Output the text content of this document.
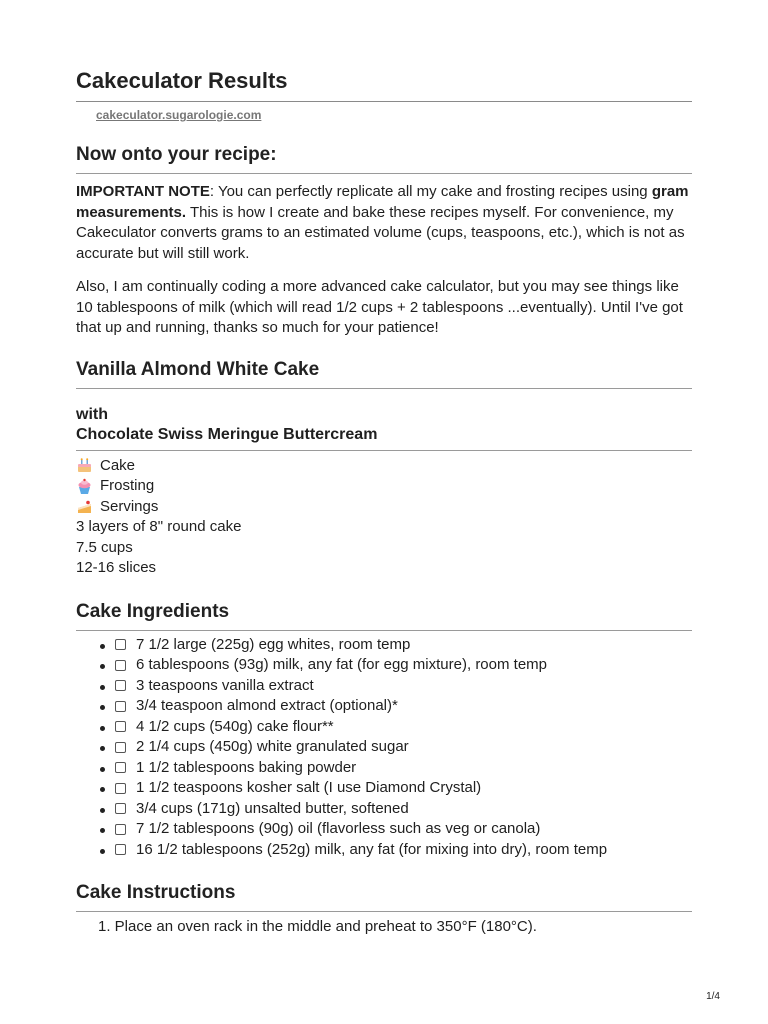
Cakeculator Results
cakeculator.sugarologie.com
Now onto your recipe:

IMPORTANT NOTE: You can perfectly replicate all my cake and frosting recipes using gram measurements. This is how I create and bake these recipes myself. For convenience, my Cakeculator converts grams to an estimated volume (cups, teaspoons, etc.), which is not as accurate but will still work.

Also, I am continually coding a more advanced cake calculator, but you may see things like 10 tablespoons of milk (which will read 1/2 cups + 2 tablespoons ...eventually). Until I've got that up and running, thanks so much for your patience!

Vanilla Almond White Cake
with
Chocolate Swiss Meringue Buttercream
Cake
Frosting
Servings
3 layers of 8" round cake
7.5 cups
12-16 slices
Cake Ingredients
7 1/2 large (225g) egg whites, room temp
6 tablespoons (93g) milk, any fat (for egg mixture), room temp
3 teaspoons vanilla extract
3/4 teaspoon almond extract (optional)*
4 1/2 cups (540g) cake flour**
2 1/4 cups (450g) white granulated sugar
1 1/2 tablespoons baking powder
1 1/2 teaspoons kosher salt (I use Diamond Crystal)
3/4 cups (171g) unsalted butter, softened
7 1/2 tablespoons (90g) oil (flavorless such as veg or canola)
16 1/2 tablespoons (252g) milk, any fat (for mixing into dry), room temp
Cake Instructions
1. Place an oven rack in the middle and preheat to 350°F (180°C).
1/4
